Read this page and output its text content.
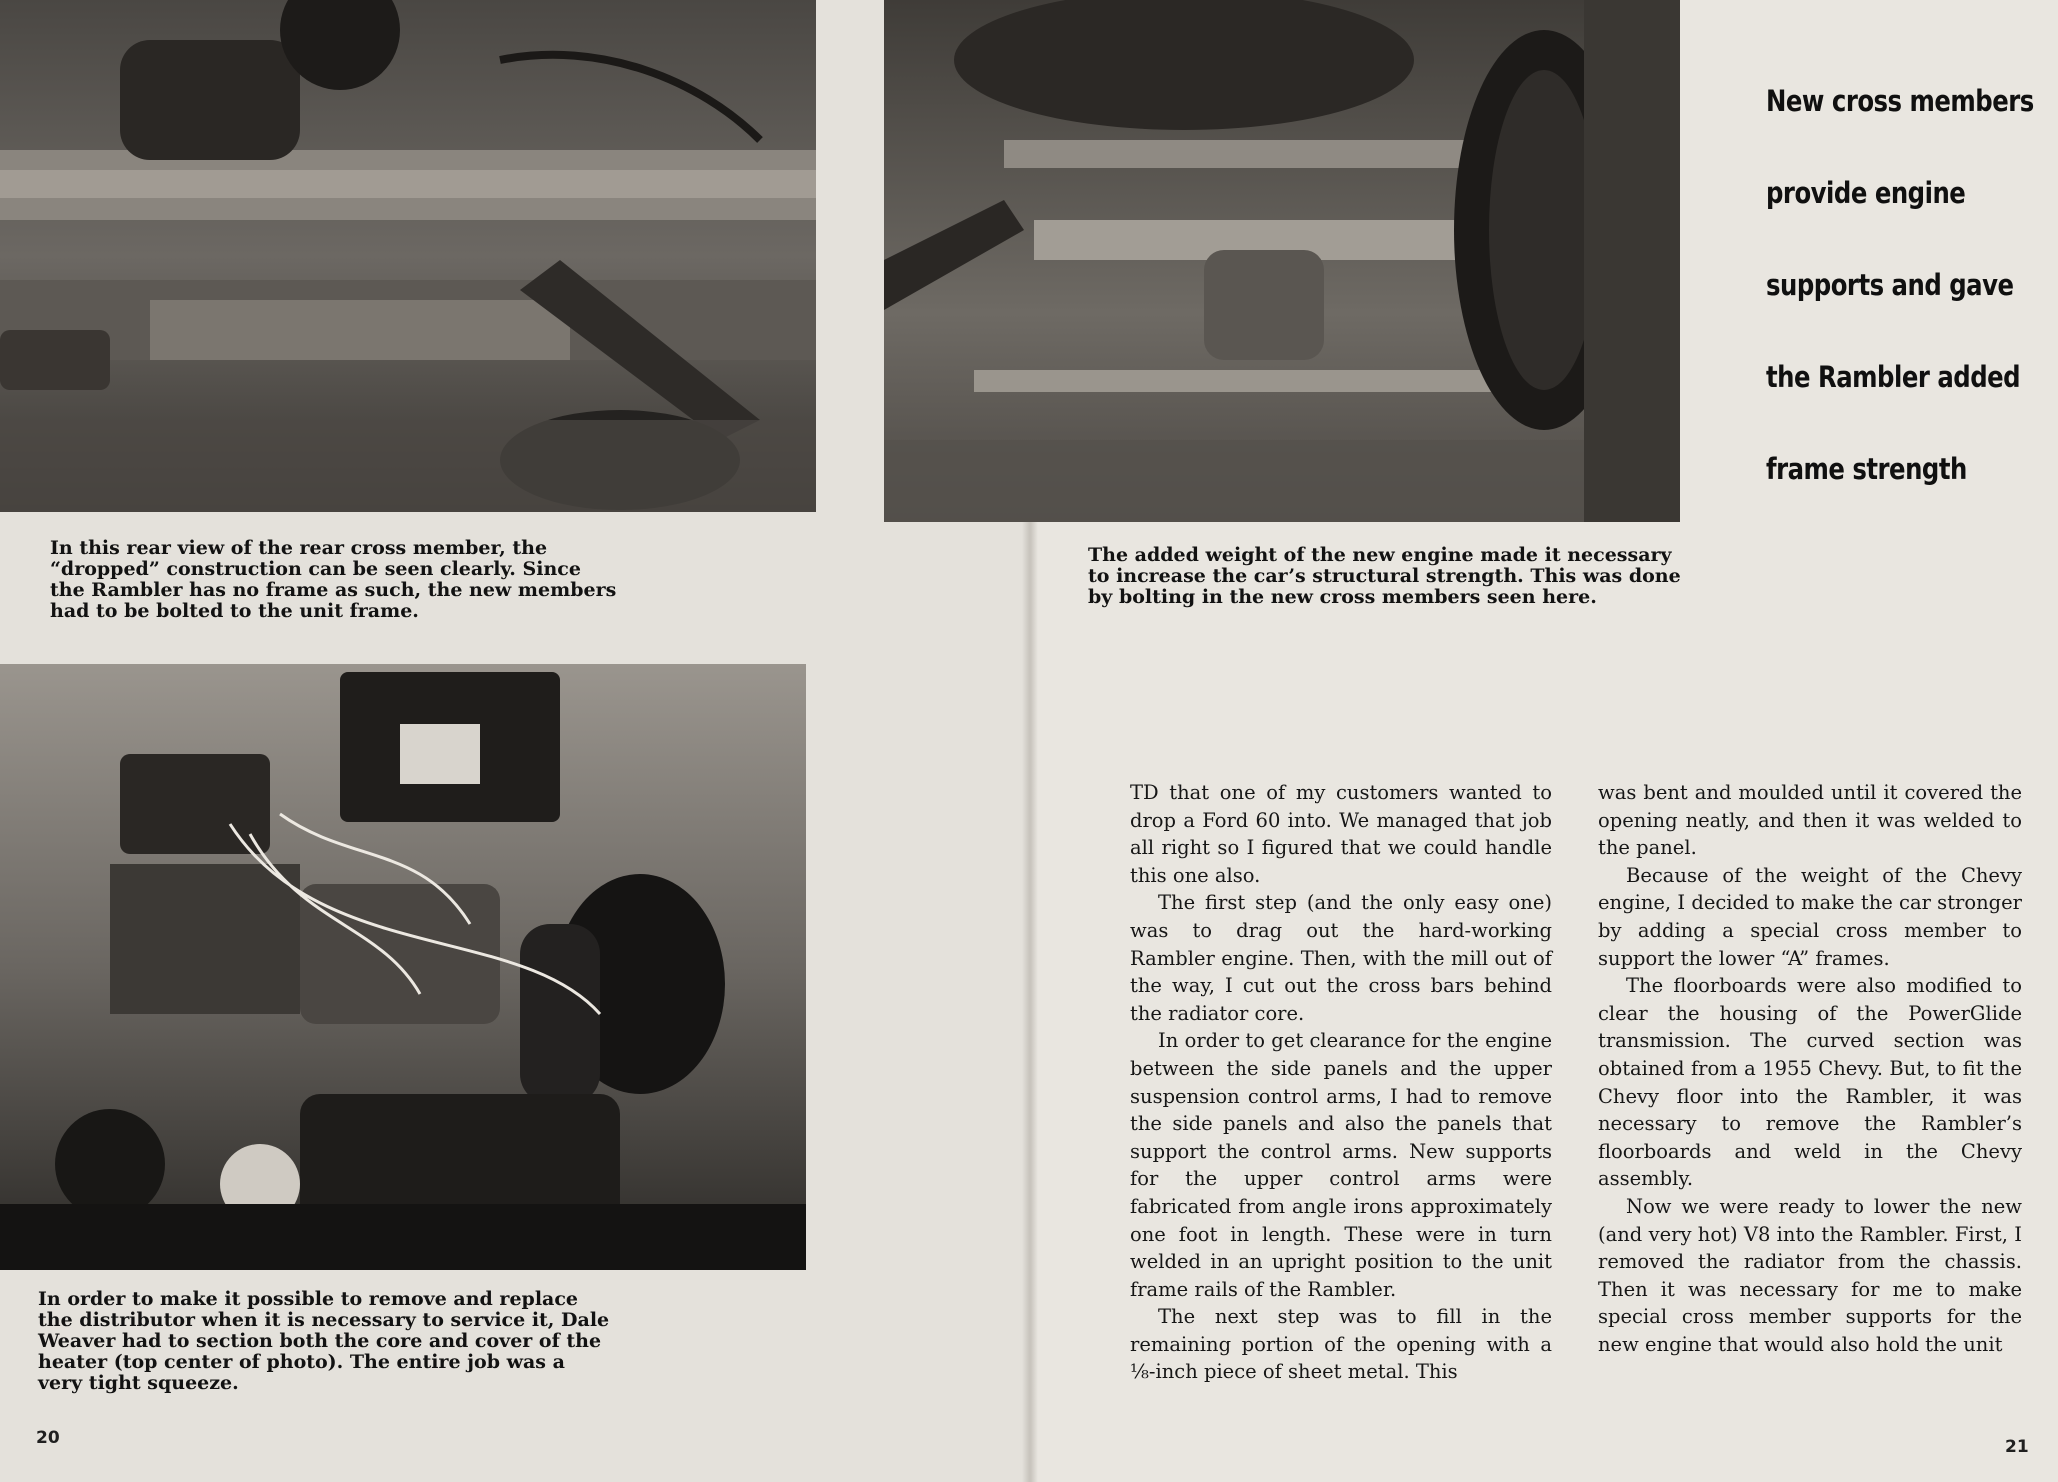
In this rear view of the rear cross member, the “dropped” construction can be seen clearly. Since the Rambler has no frame as such, the new members had to be bolted to the unit frame.

The added weight of the new engine made it necessary to increase the car’s structural strength. This was done by bolting in the new cross members seen here.

In order to make it possible to remove and replace the distributor when it is necessary to service it, Dale Weaver had to section both the core and cover of the heater (top center of photo). The entire job was a very tight squeeze.

New cross members
provide engine
supports and gave
the Rambler added
frame strength

TD that one of my customers wanted to drop a Ford 60 into. We managed that job all right so I figured that we could handle this one also.

The first step (and the only easy one) was to drag out the hard-working Rambler engine. Then, with the mill out of the way, I cut out the cross bars behind the radiator core.

In order to get clearance for the engine between the side panels and the upper suspension control arms, I had to remove the side panels and also the panels that support the control arms. New supports for the upper control arms were fabricated from angle irons approximately one foot in length. These were in turn welded in an upright position to the unit frame rails of the Rambler.

The next step was to fill in the remaining portion of the opening with a ⅛-inch piece of sheet metal. This

was bent and moulded until it covered the opening neatly, and then it was welded to the panel.

Because of the weight of the Chevy engine, I decided to make the car stronger by adding a special cross member to support the lower “A” frames.

The floorboards were also modified to clear the housing of the PowerGlide transmission. The curved section was obtained from a 1955 Chevy. But, to fit the Chevy floor into the Rambler, it was necessary to remove the Rambler’s floorboards and weld in the Chevy assembly.

Now we were ready to lower the new (and very hot) V8 into the Rambler. First, I removed the radiator from the chassis. Then it was necessary for me to make special cross member supports for the new engine that would also hold the unit

20	21
